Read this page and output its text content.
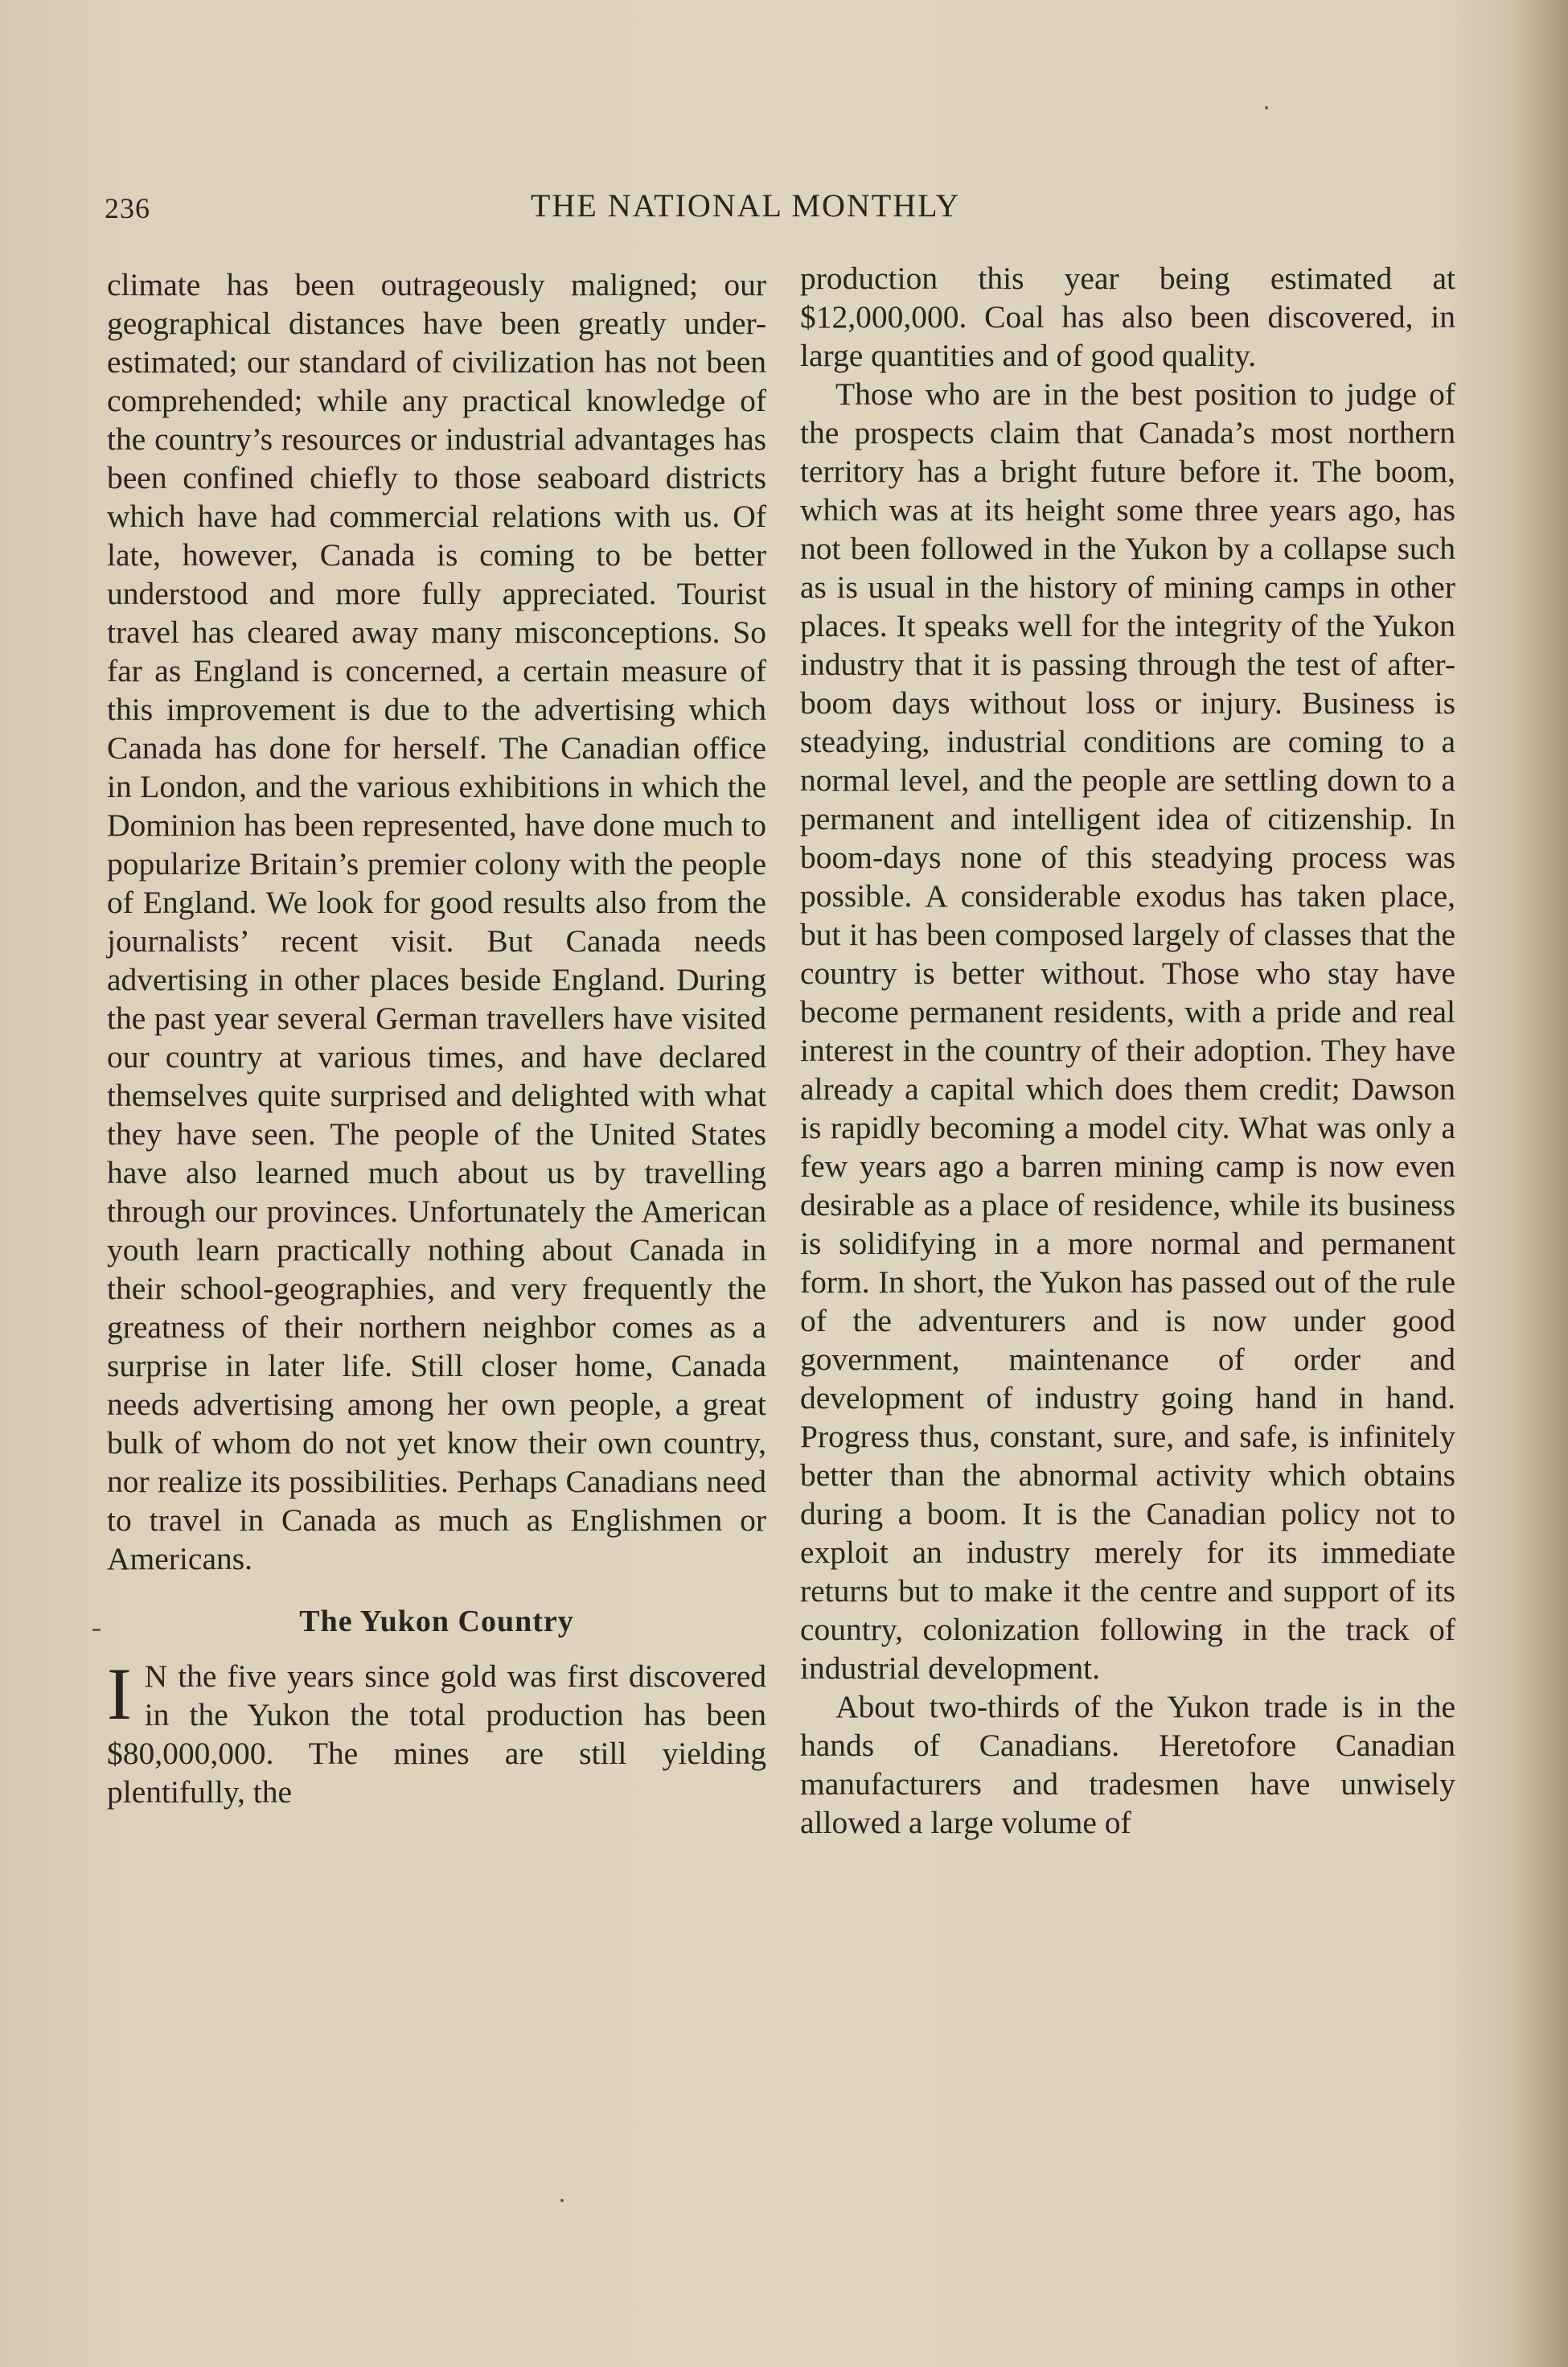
236	THE NATIONAL MONTHLY

climate has been outrageously maligned; our geographical distances have been greatly under-estimated; our standard of civilization has not been comprehended; while any practical knowledge of the country’s resources or industrial advantages has been confined chiefly to those seaboard districts which have had commercial relations with us. Of late, however, Canada is coming to be better understood and more fully appreciated. Tourist travel has cleared away many misconceptions. So far as England is concerned, a certain measure of this improvement is due to the advertising which Canada has done for herself. The Canadian office in London, and the various exhibitions in which the Dominion has been represented, have done much to popularize Britain’s premier colony with the people of England. We look for good results also from the journalists’ recent visit. But Canada needs advertising in other places beside England. During the past year several German travellers have visited our country at various times, and have declared themselves quite surprised and delighted with what they have seen. The people of the United States have also learned much about us by travelling through our provinces. Unfortunately the American youth learn practically nothing about Canada in their school-geographies, and very frequently the greatness of their northern neighbor comes as a surprise in later life. Still closer home, Canada needs advertising among her own people, a great bulk of whom do not yet know their own country, nor realize its possibilities. Perhaps Canadians need to travel in Canada as much as Englishmen or Americans.

The Yukon Country

I N the five years since gold was first discovered in the Yukon the total production has been $80,000,000. The mines are still yielding plentifully, the

production this year being estimated at $12,000,000. Coal has also been discovered, in large quantities and of good quality.

Those who are in the best position to judge of the prospects claim that Canada’s most northern territory has a bright future before it. The boom, which was at its height some three years ago, has not been followed in the Yukon by a collapse such as is usual in the history of mining camps in other places. It speaks well for the integrity of the Yukon industry that it is passing through the test of after-boom days without loss or injury. Business is steadying, industrial conditions are coming to a normal level, and the people are settling down to a permanent and intelligent idea of citizenship. In boom-days none of this steadying process was possible. A considerable exodus has taken place, but it has been composed largely of classes that the country is better without. Those who stay have become permanent residents, with a pride and real interest in the country of their adoption. They have already a capital which does them credit; Dawson is rapidly becoming a model city. What was only a few years ago a barren mining camp is now even desirable as a place of residence, while its business is solidifying in a more normal and permanent form. In short, the Yukon has passed out of the rule of the adventurers and is now under good government, maintenance of order and development of industry going hand in hand. Progress thus, constant, sure, and safe, is infinitely better than the abnormal activity which obtains during a boom. It is the Canadian policy not to exploit an industry merely for its immediate returns but to make it the centre and support of its country, colonization following in the track of industrial development.

About two-thirds of the Yukon trade is in the hands of Canadians. Heretofore Canadian manufacturers and tradesmen have unwisely allowed a large volume of
